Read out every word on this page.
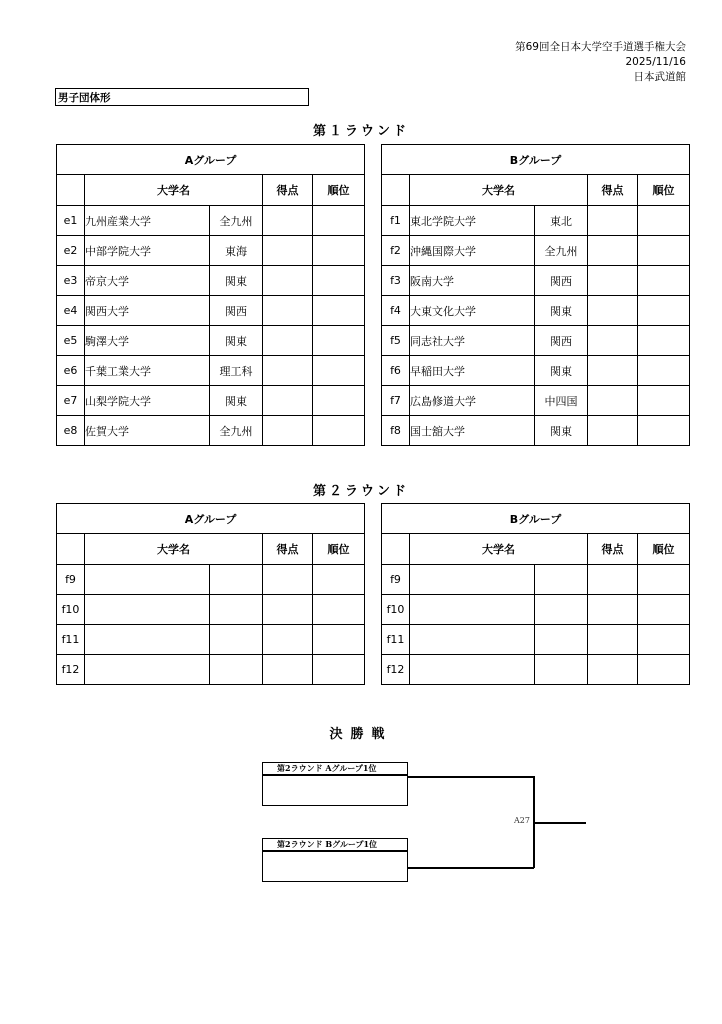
第69回全日本大学空手道選手権大会
2025/11/16
日本武道館
男子団体形
第１ラウンド
Aグループ				
	大学名		得点	順位
e1	九州産業大学	全九州		
e2	中部学院大学	東海		
e3	帝京大学	関東		
e4	関西大学	関西		
e5	駒澤大学	関東		
e6	千葉工業大学	理工科		
e7	山梨学院大学	関東		
e8	佐賀大学	全九州		
Bグループ				
	大学名		得点	順位
f1	東北学院大学	東北		
f2	沖縄国際大学	全九州		
f3	阪南大学	関西		
f4	大東文化大学	関東		
f5	同志社大学	関西		
f6	早稲田大学	関東		
f7	広島修道大学	中四国		
f8	国士舘大学	関東		
第２ラウンド
Aグループ				
	大学名		得点	順位
f9				
f10				
f11				
f12				
Bグループ				
	大学名		得点	順位
f9				
f10				
f11				
f12				
決勝戦
第2ラウンド Aグループ1位
第2ラウンド Bグループ1位
A27
